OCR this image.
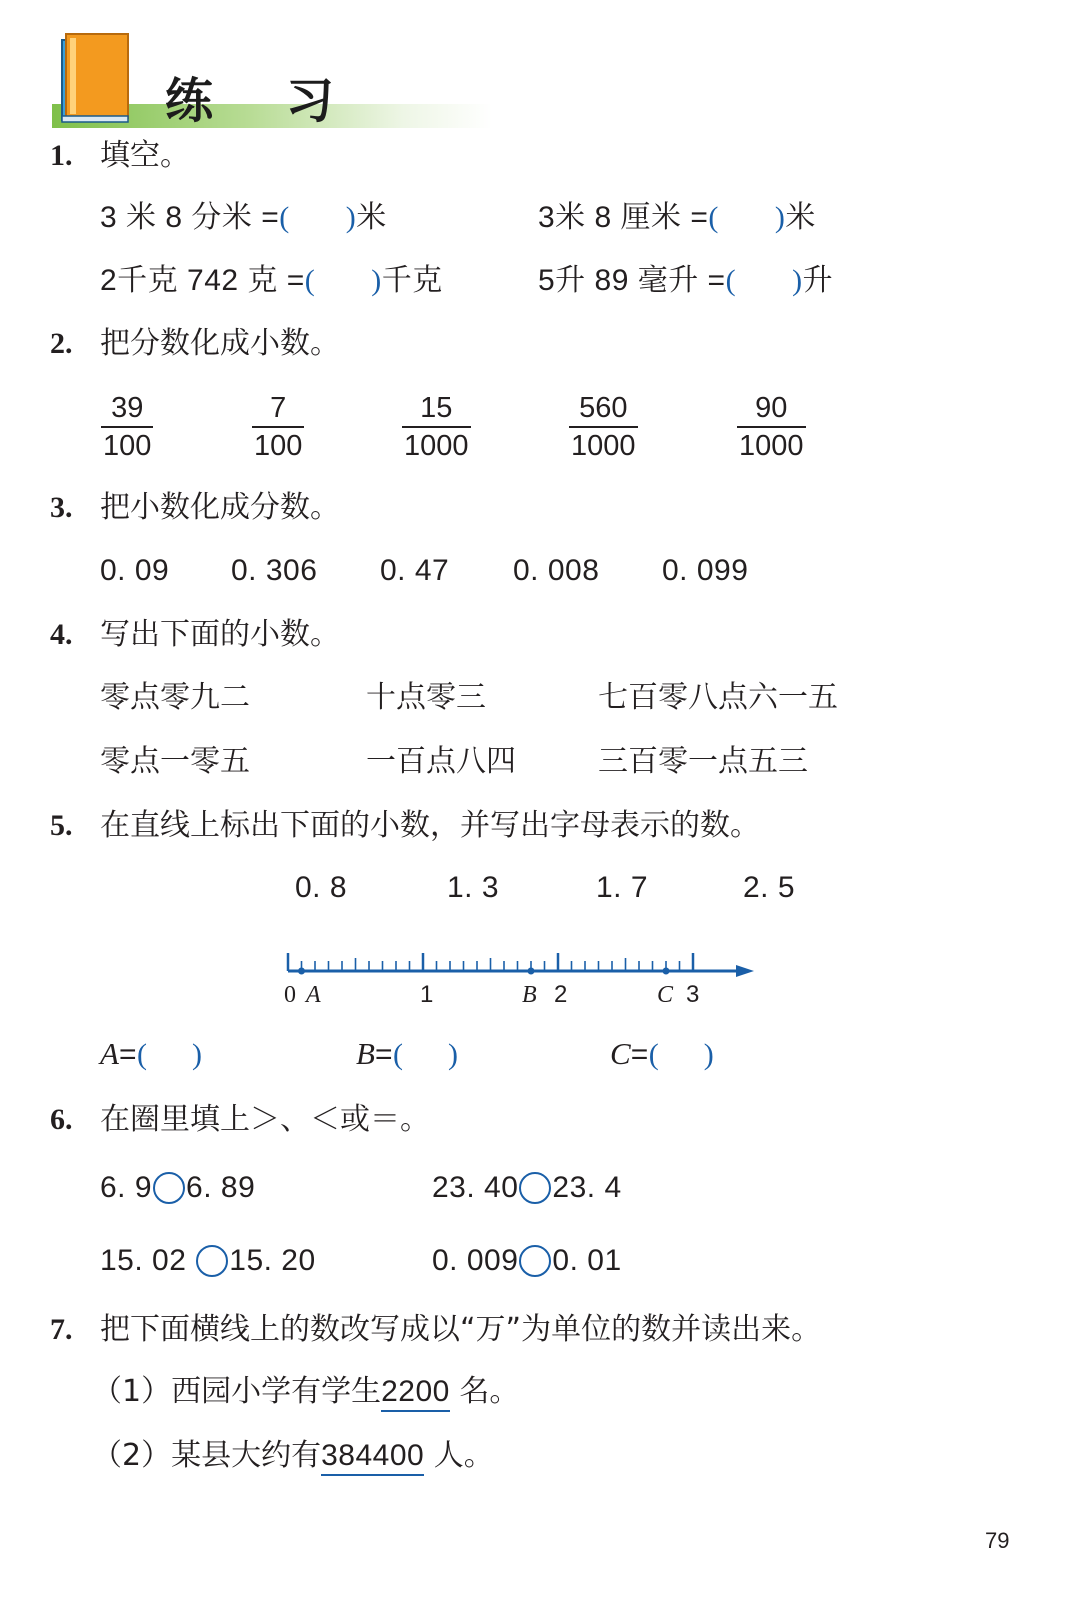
练 习
1. 填空。
3 米 8 分米 =(       )米	3米 8 厘米 =(       )米
2千克 742 克 =(       )千克	5升 89 毫升 =(       )升
2. 把分数化成小数。
39
100
7
100
15
1000
560
1000
90
1000
3. 把小数化成分数。
0. 09 0. 306 0. 47 0. 008 0. 099
4. 写出下面的小数。
零点零九二	十点零三	七百零八点六一五
零点一零五	一百点八四	三百零一点五三
5. 在直线上标出下面的小数，并写出字母表示的数。
0. 8	1. 3	1. 7	2. 5
0 A	1	B 2	C 3
A=(      )	B=(      )	C=(      )
6. 在圈里填上＞、＜或＝。
6. 9 6. 89	23. 40 23. 4
15. 02 15. 20	0. 009 0. 01
7. 把下面横线上的数改写成以“万”为单位的数并读出来。
（1）西园小学有学生2200 名。
（2）某县大约有384400 人。
79
